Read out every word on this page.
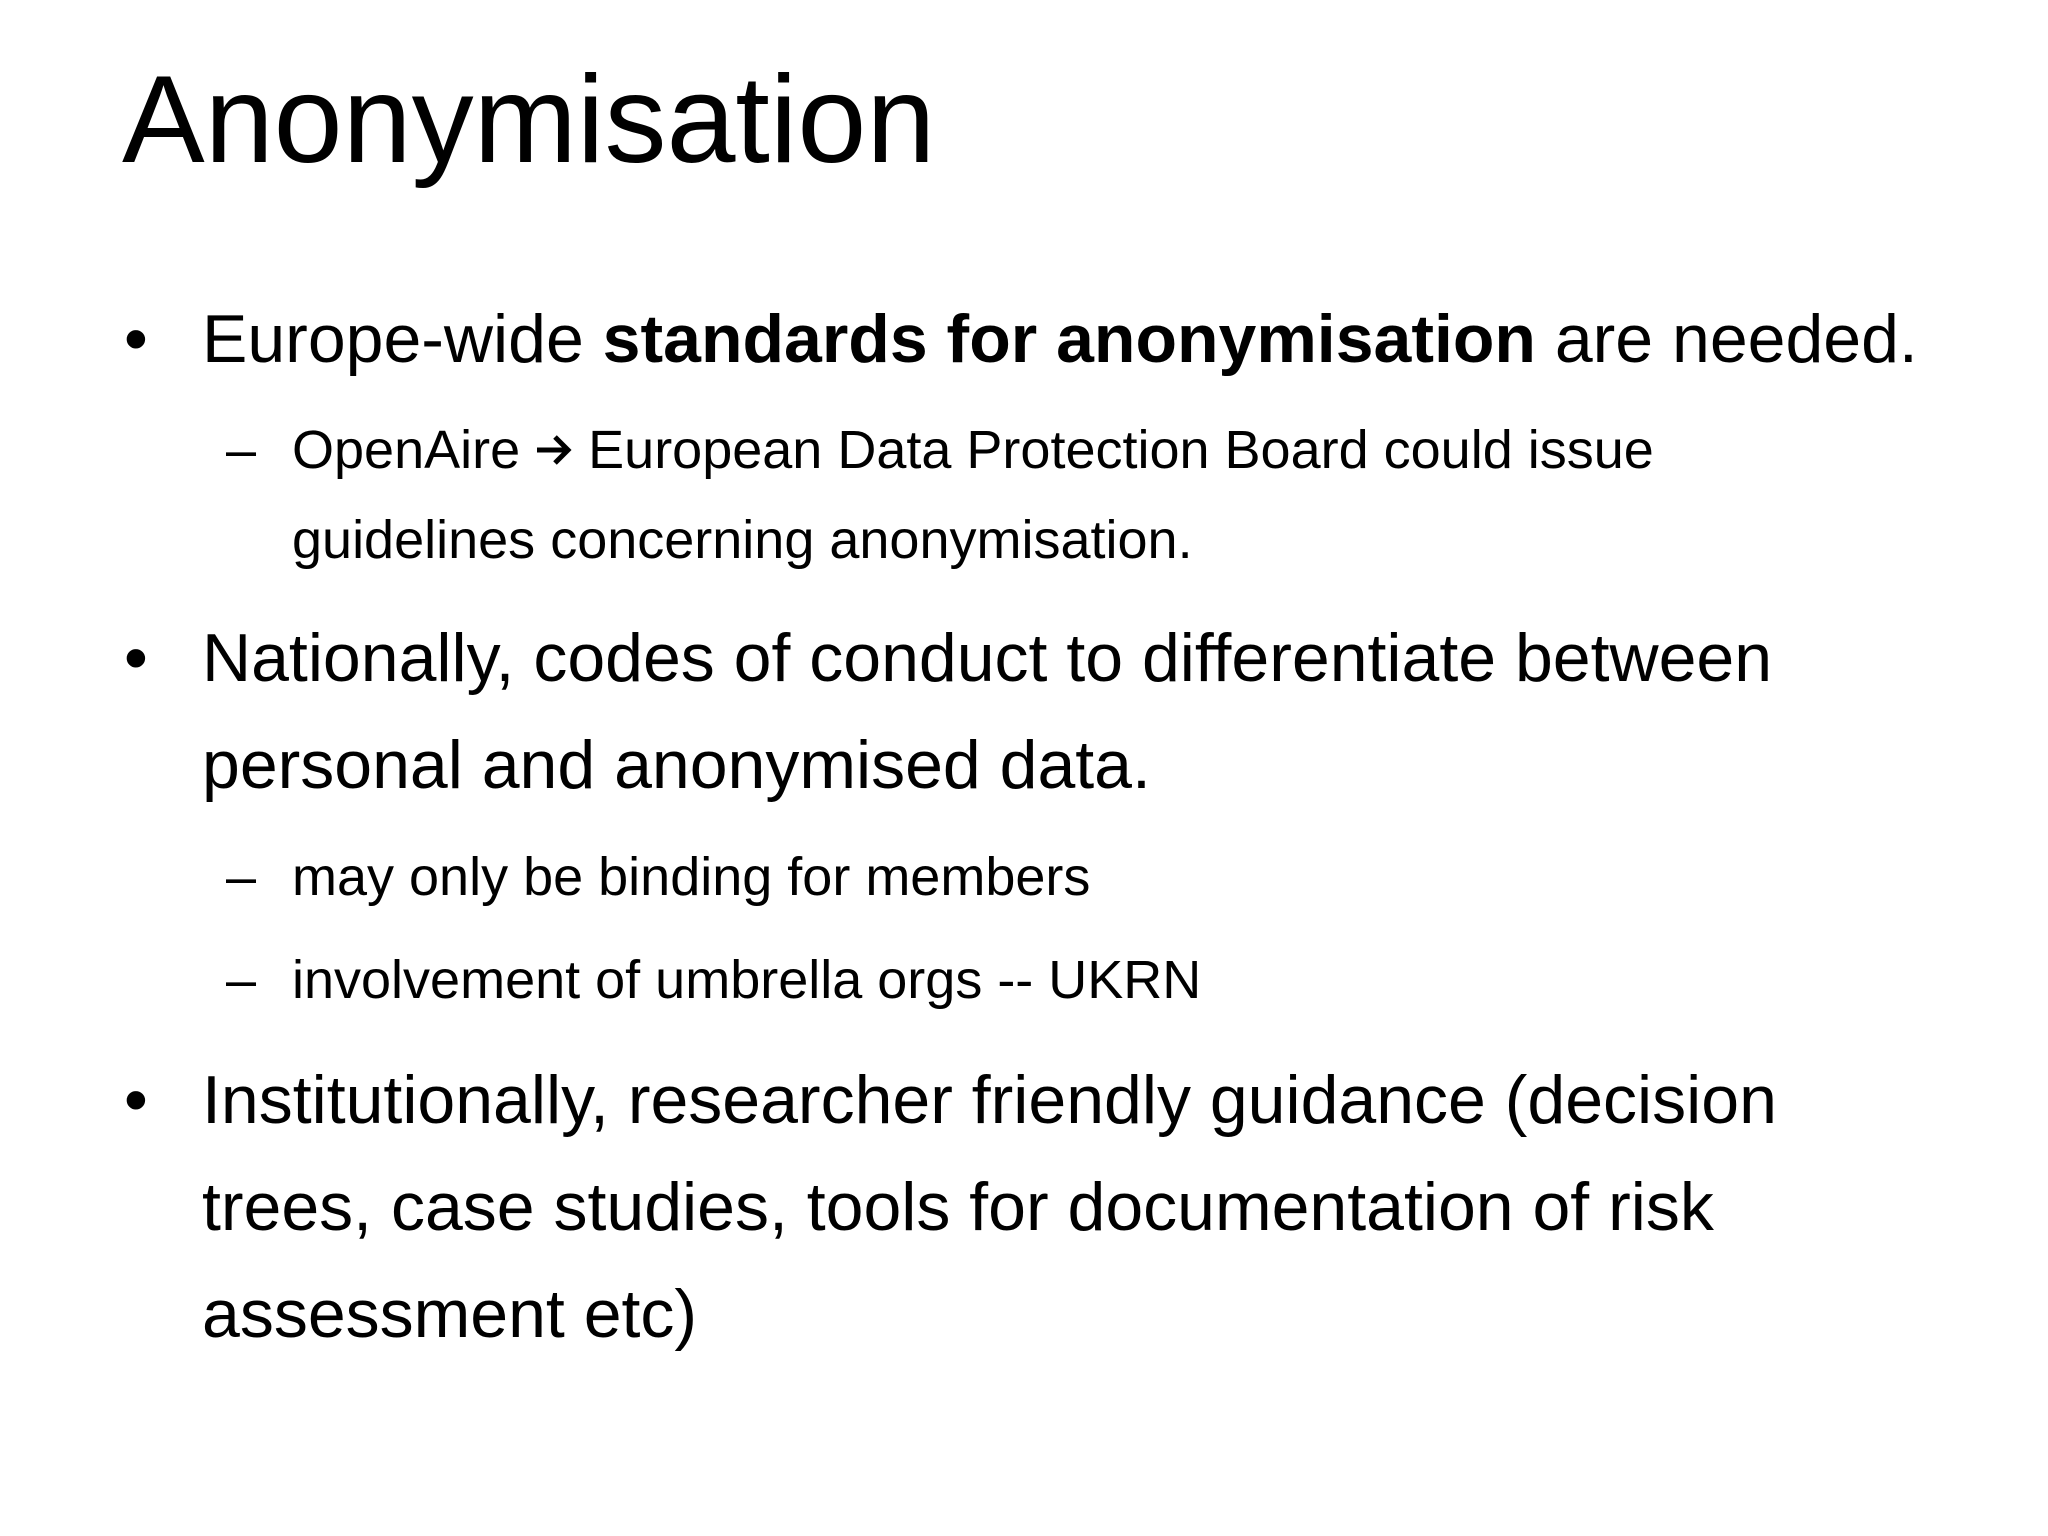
Anonymisation
• Europe-wide standards for anonymisation are needed.
– OpenAire  European Data Protection Board could issue
guidelines concerning anonymisation.
• Nationally, codes of conduct to differentiate between
personal and anonymised data.
– may only be binding for members
– involvement of umbrella orgs -- UKRN
• Institutionally, researcher friendly guidance (decision
trees, case studies, tools for documentation of risk
assessment etc)
